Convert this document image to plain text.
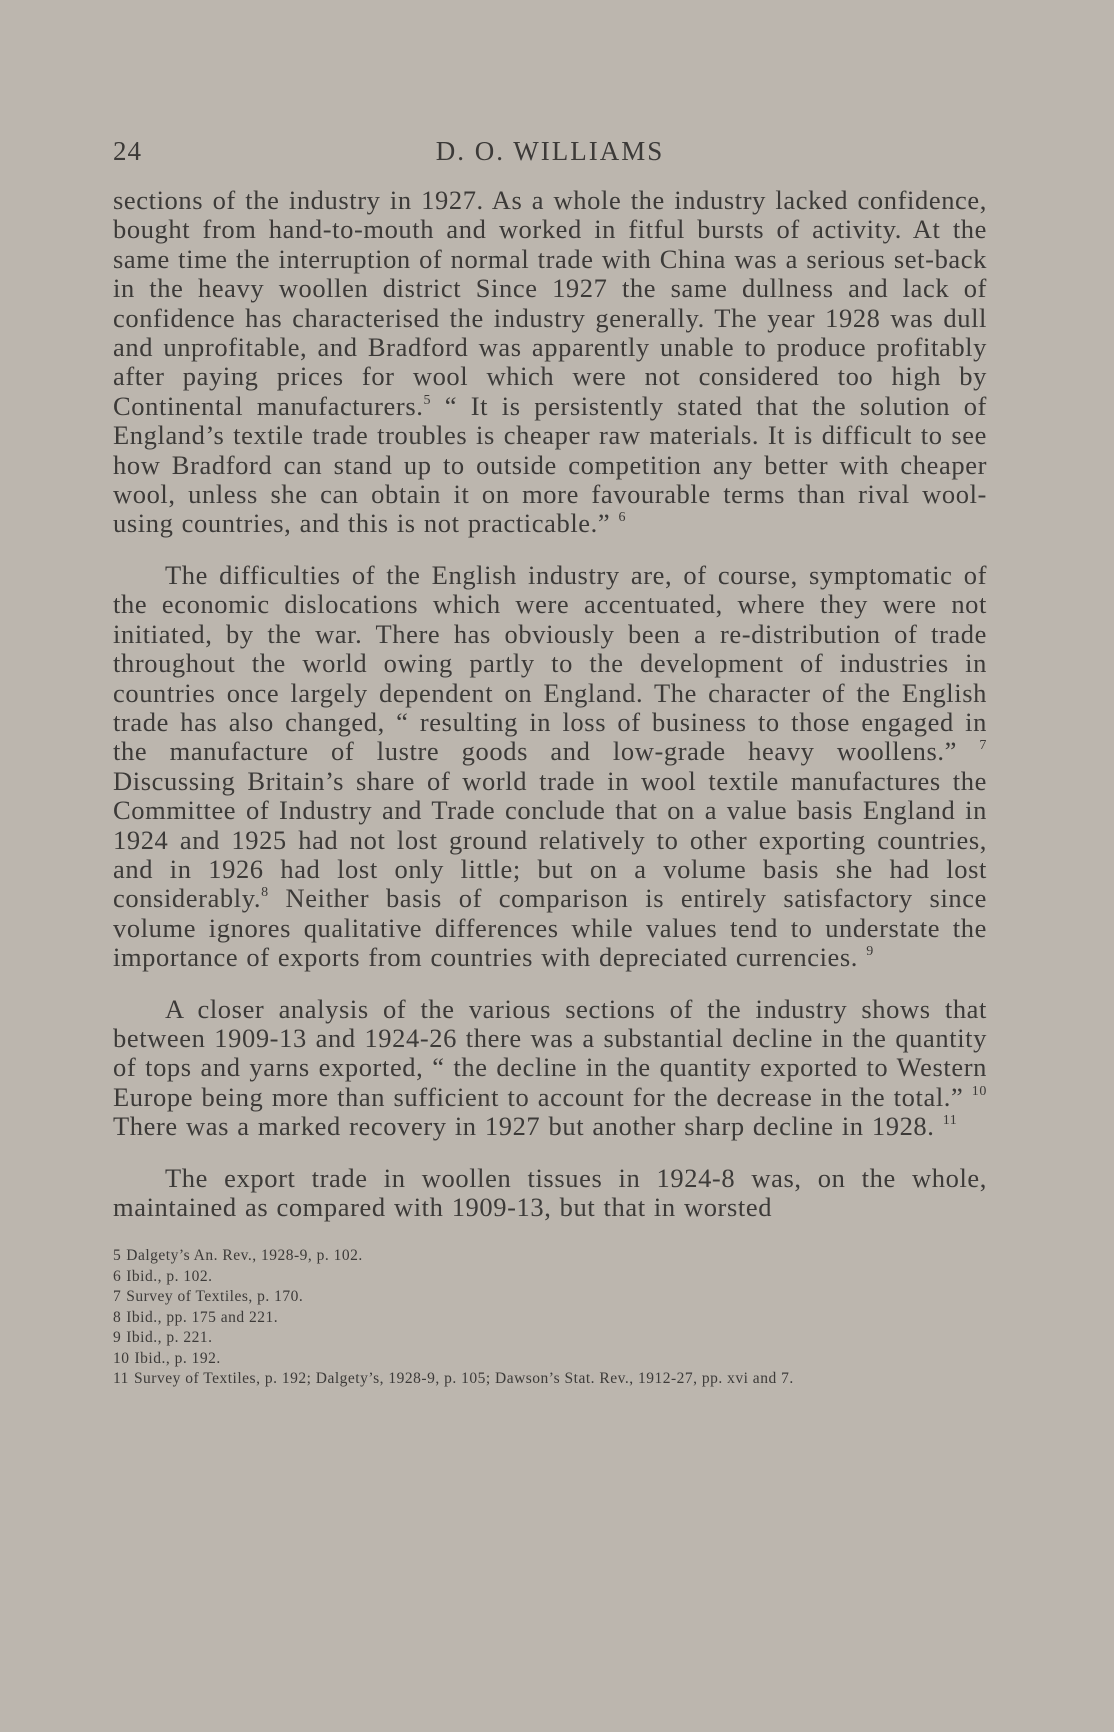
24	D. O. WILLIAMS

sections of the industry in 1927. As a whole the industry lacked confidence, bought from hand-to-mouth and worked in fitful bursts of activity. At the same time the interruption of normal trade with China was a serious set-back in the heavy woollen district Since 1927 the same dullness and lack of confidence has characterised the industry generally. The year 1928 was dull and unprofitable, and Bradford was apparently unable to produce profitably after paying prices for wool which were not considered too high by Continental manufacturers.$^5$ “ It is persistently stated that the solution of England’s textile trade troubles is cheaper raw materials. It is difficult to see how Bradford can stand up to outside competition any better with cheaper wool, unless she can obtain it on more favourable terms than rival wool-using countries, and this is not practicable.” $^6$

The difficulties of the English industry are, of course, symptomatic of the economic dislocations which were accentuated, where they were not initiated, by the war. There has obviously been a re-distribution of trade throughout the world owing partly to the development of industries in countries once largely dependent on England. The character of the English trade has also changed, “ resulting in loss of business to those engaged in the manufacture of lustre goods and low-grade heavy woollens.” $^7$ Discussing Britain’s share of world trade in wool textile manufactures the Committee of Industry and Trade conclude that on a value basis England in 1924 and 1925 had not lost ground relatively to other exporting countries, and in 1926 had lost only little; but on a volume basis she had lost considerably.$^8$ Neither basis of comparison is entirely satisfactory since volume ignores qualitative differences while values tend to understate the importance of exports from countries with depreciated currencies. $^9$

A closer analysis of the various sections of the industry shows that between 1909-13 and 1924-26 there was a substantial decline in the quantity of tops and yarns exported, “ the decline in the quantity exported to Western Europe being more than sufficient to account for the decrease in the total.” $^{10}$ There was a marked recovery in 1927 but another sharp decline in 1928. $^{11}$

The export trade in woollen tissues in 1924-8 was, on the whole, maintained as compared with 1909-13, but that in worsted

5 Dalgety’s An. Rev., 1928-9, p. 102.
6 Ibid., p. 102.
7 Survey of Textiles, p. 170.
8 Ibid., pp. 175 and 221.
9 Ibid., p. 221.
10 Ibid., p. 192.
11 Survey of Textiles, p. 192; Dalgety’s, 1928-9, p. 105; Dawson’s Stat. Rev., 1912-27, pp. xvi and 7.
